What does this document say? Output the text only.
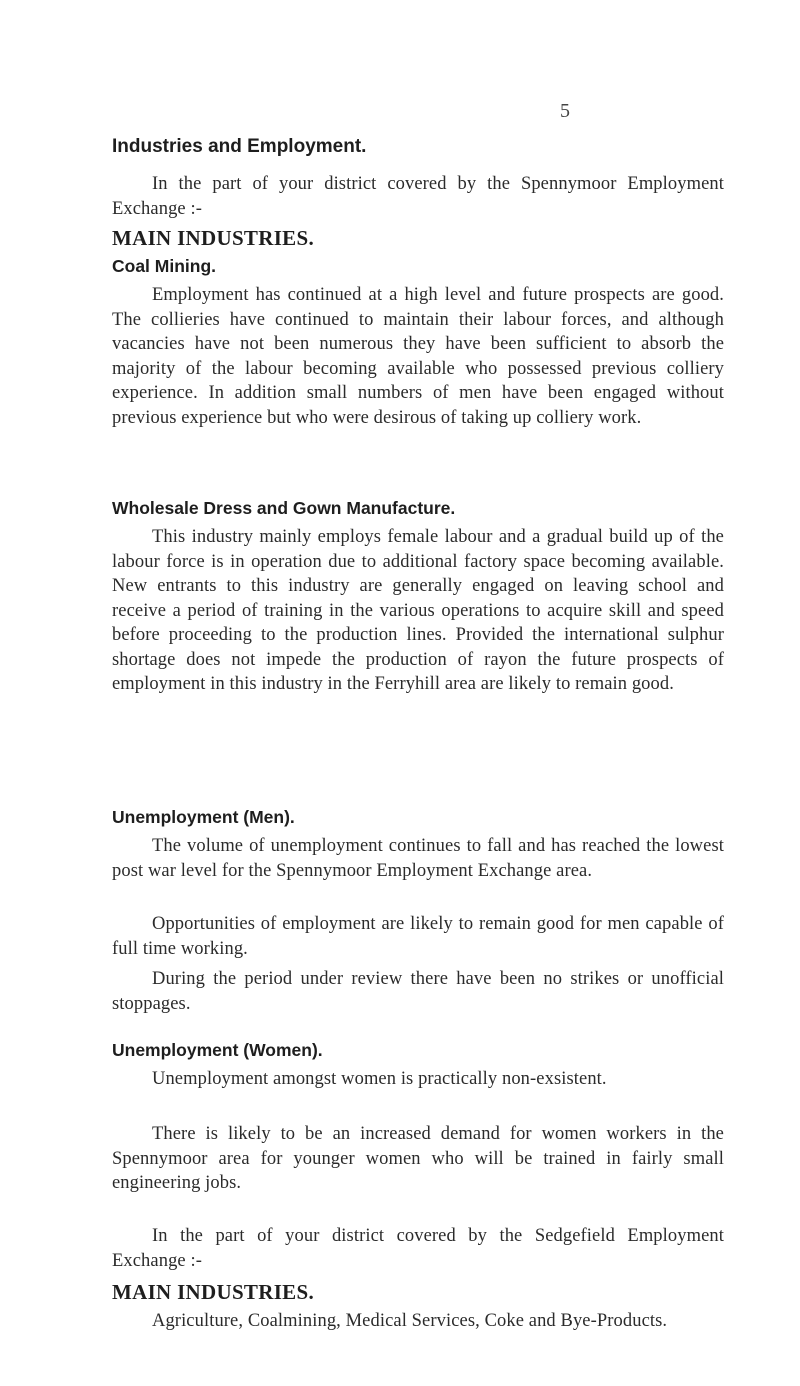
5
Industries and Employment.

In the part of your district covered by the Spennymoor Employment Exchange :-

MAIN INDUSTRIES.
Coal Mining.

Employment has continued at a high level and future prospects are good. The collieries have continued to maintain their labour forces, and although vacancies have not been numerous they have been sufficient to absorb the majority of the labour becoming available who possessed previous colliery experience. In addition small numbers of men have been engaged without previous experience but who were desirous of taking up colliery work.

Wholesale Dress and Gown Manufacture.

This industry mainly employs female labour and a gradual build up of the labour force is in operation due to additional factory space becoming available. New entrants to this industry are generally engaged on leaving school and receive a period of training in the various operations to acquire skill and speed before proceeding to the production lines. Provided the international sulphur shortage does not impede the production of rayon the future prospects of employment in this industry in the Ferryhill area are likely to remain good.

Unemployment (Men).

The volume of unemployment continues to fall and has reached the lowest post war level for the Spennymoor Employment Exchange area.

Opportunities of employment are likely to remain good for men capable of full time working.

During the period under review there have been no strikes or unofficial stoppages.

Unemployment (Women).

Unemployment amongst women is practically non-exsistent.

There is likely to be an increased demand for women workers in the Spennymoor area for younger women who will be trained in fairly small engineering jobs.

In the part of your district covered by the Sedgefield Employment Exchange :-

MAIN INDUSTRIES.

Agriculture, Coalmining, Medical Services, Coke and Bye-Products.
